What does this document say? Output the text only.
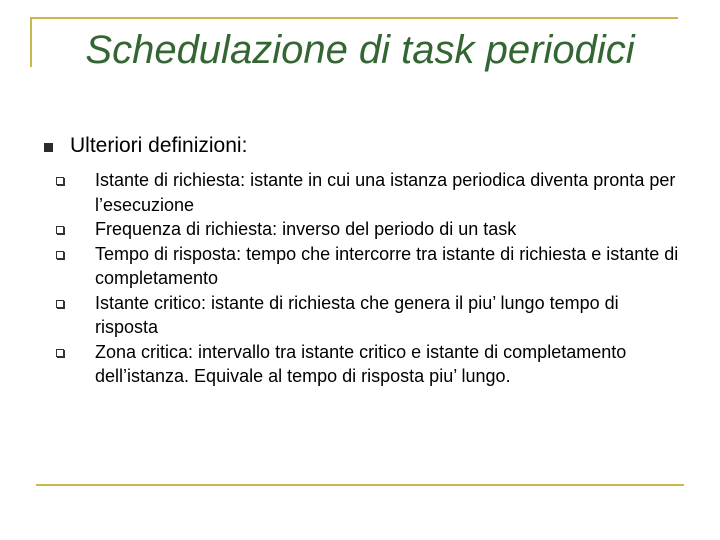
Schedulazione di task periodici
Ulteriori definizioni:
Istante di richiesta: istante in cui una istanza periodica diventa pronta per l’esecuzione
Frequenza di richiesta: inverso del periodo di un task
Tempo di risposta: tempo che intercorre tra istante di richiesta e istante di completamento
Istante critico: istante di richiesta che genera il piu’ lungo tempo di risposta
Zona critica: intervallo tra istante critico e istante di completamento dell’istanza. Equivale al tempo di risposta piu’ lungo.
